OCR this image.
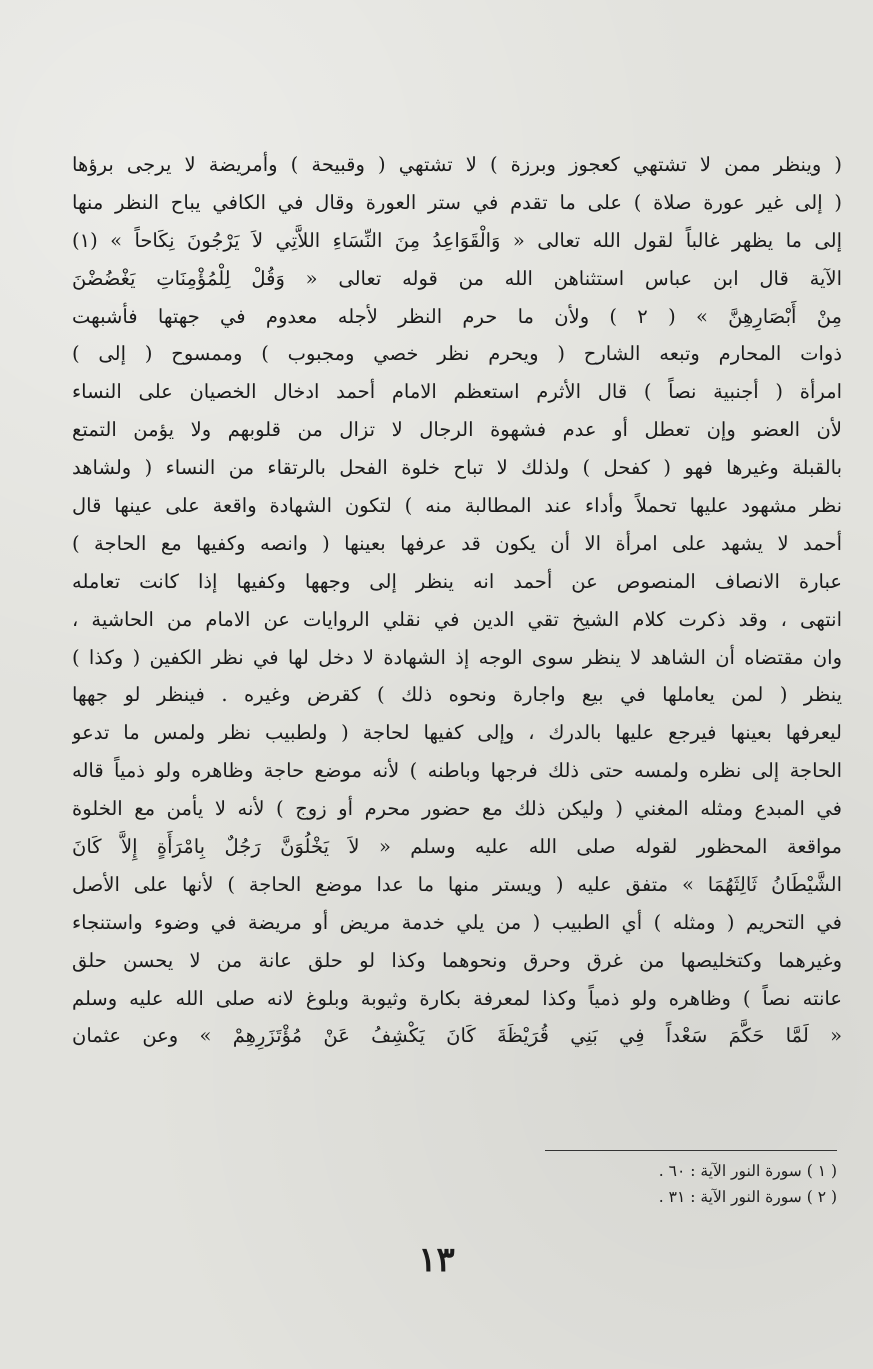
( وينظر ممن لا تشتهي كعجوز وبرزة ) لا تشتهي ( وقبيحة ) وأمريضة لا يرجى برؤها
( إلى غير عورة صلاة ) على ما تقدم في ستر العورة وقال في الكافي يباح النظر منها
إلى ما يظهر غالباً لقول الله تعالى « وَالْقَوَاعِدُ مِنَ النِّسَاءِ اللاَّتِي لاَ يَرْجُونَ نِكَاحاً » (١)
الآية قال ابن عباس استثناهن الله من قوله تعالى « وَقُلْ لِلْمُؤْمِنَاتِ يَغْضُضْنَ
مِنْ أَبْصَارِهِنَّ » ( ٢ ) ولأن ما حرم النظر لأجله معدوم في جهتها فأشبهت
ذوات المحارم وتبعه الشارح ( ويحرم نظر خصي ومجبوب ) وممسوح ( إلى )
امرأة ( أجنبية نصاً ) قال الأثرم استعظم الامام أحمد ادخال الخصيان على النساء
لأن العضو وإن تعطل أو عدم فشهوة الرجال لا تزال من قلوبهم ولا يؤمن التمتع
بالقبلة وغيرها فهو ( كفحل ) ولذلك لا تباح خلوة الفحل بالرتقاء من النساء ( ولشاهد
نظر مشهود عليها تحملاً وأداء عند المطالبة منه ) لتكون الشهادة واقعة على عينها قال
أحمد لا يشهد على امرأة الا أن يكون قد عرفها بعينها ( وانصه وكفيها مع الحاجة )
عبارة الانصاف المنصوص عن أحمد انه ينظر إلى وجهها وكفيها إذا كانت تعامله
انتهى ، وقد ذكرت كلام الشيخ تقي الدين في نقلي الروايات عن الامام من الحاشية ،
وان مقتضاه أن الشاهد لا ينظر سوى الوجه إذ الشهادة لا دخل لها في نظر الكفين ( وكذا )
ينظر ( لمن يعاملها في بيع واجارة ونحوه ذلك ) كقرض وغيره . فينظر لو جهها
ليعرفها بعينها فيرجع عليها بالدرك ، وإلى كفيها لحاجة ( ولطبيب نظر ولمس ما تدعو
الحاجة إلى نظره ولمسه حتى ذلك فرجها وباطنه ) لأنه موضع حاجة وظاهره ولو ذمياً قاله
في المبدع ومثله المغني ( وليكن ذلك مع حضور محرم أو زوج ) لأنه لا يأمن مع الخلوة
مواقعة المحظور لقوله صلى الله عليه وسلم « لاَ يَخْلُوَنَّ رَجُلٌ بِامْرَأَةٍ إِلاَّ كَانَ
الشَّيْطَانُ ثَالِثَهُمَا » متفق عليه ( ويستر منها ما عدا موضع الحاجة ) لأنها على الأصل
في التحريم ( ومثله ) أي الطبيب ( من يلي خدمة مريض أو مريضة في وضوء واستنجاء
وغيرهما وكتخليصها من غرق وحرق ونحوهما وكذا لو حلق عانة من لا يحسن حلق
عانته نصاً ) وظاهره ولو ذمياً وكذا لمعرفة بكارة وثيوبة وبلوغ لانه صلى الله عليه وسلم
« لَمَّا حَكَّمَ سَعْداً فِي بَنِي قُرَيْظَةَ كَانَ يَكْشِفُ عَنْ مُؤْتَزَرِهِمْ » وعن عثمان
( ١ ) سورة النور الآية : ٦٠ .
( ٢ ) سورة النور الآية : ٣١ .
١٣
